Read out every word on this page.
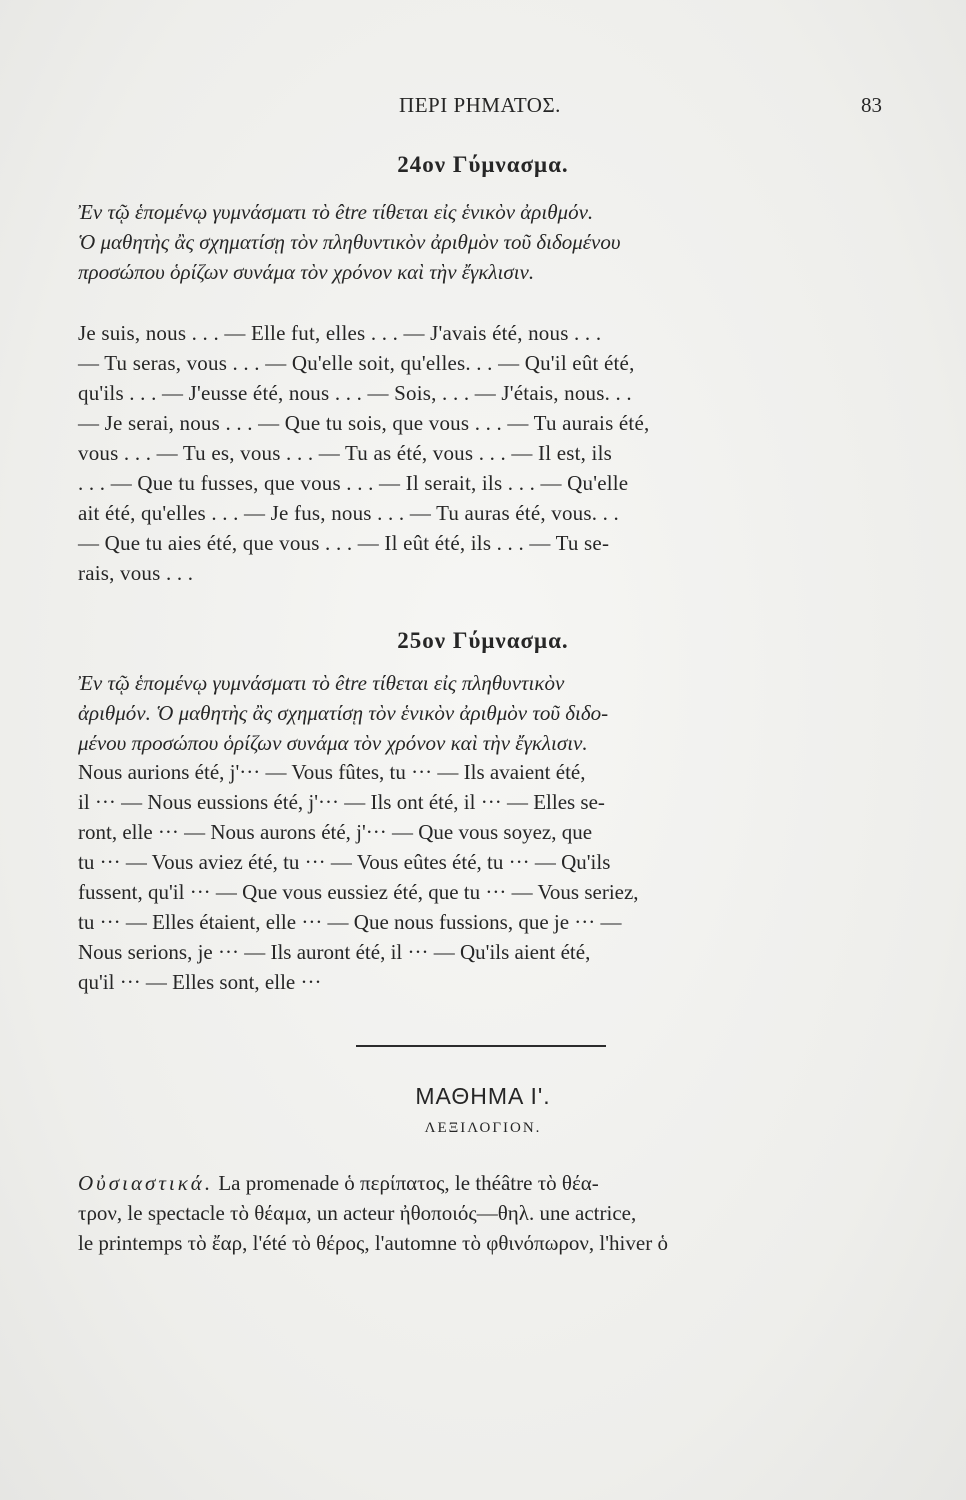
ΠΕΡΙ ΡΗΜΑΤΟΣ.	83
24ον Γύμνασμα.
Ἐν τῷ ἑπομένῳ γυμνάσματι τὸ être τίθεται εἰς ἑνικὸν ἀριθμόν.
Ὁ μαθητὴς ἂς σχηματίσῃ τὸν πληθυντικὸν ἀριθμὸν τοῦ διδομένου
προσώπου ὁρίζων συνάμα τὸν χρόνον καὶ τὴν ἔγκλισιν.
Je suis, nous . . . — Elle fut, elles . . . — J'avais été, nous . . .
— Tu seras, vous . . . — Qu'elle soit, qu'elles. . . — Qu'il eût été,
qu'ils . . . — J'eusse été, nous . . . — Sois, . . . — J'étais, nous. . .
— Je serai, nous . . . — Que tu sois, que vous . . . — Tu aurais été,
vous . . . — Tu es, vous . . . — Tu as été, vous . . . — Il est, ils
. . . — Que tu fusses, que vous . . . — Il serait, ils . . . — Qu'elle
ait été, qu'elles . . . — Je fus, nous . . . — Tu auras été, vous. . .
— Que tu aies été, que vous . . . — Il eût été, ils . . . — Tu se-
rais, vous . . .
25ον Γύμνασμα.
Ἐν τῷ ἑπομένῳ γυμνάσματι τὸ être τίθεται εἰς πληθυντικὸν
ἀριθμόν. Ὁ μαθητὴς ἂς σχηματίσῃ τὸν ἑνικὸν ἀριθμὸν τοῦ διδο-
μένου προσώπου ὁρίζων συνάμα τὸν χρόνον καὶ τὴν ἔγκλισιν.
Nous aurions été, j'··· — Vous fûtes, tu ··· — Ils avaient été,
il ··· — Nous eussions été, j'··· — Ils ont été, il ··· — Elles se-
ront, elle ··· — Nous aurons été, j'··· — Que vous soyez, que
tu ··· — Vous aviez été, tu ··· — Vous eûtes été, tu ··· — Qu'ils
fussent, qu'il ··· — Que vous eussiez été, que tu ··· — Vous seriez,
tu ··· — Elles étaient, elle ··· — Que nous fussions, que je ··· —
Nous serions, je ··· — Ils auront été, il ··· — Qu'ils aient été,
qu'il ··· — Elles sont, elle ···
ΜΑΘΗΜΑ Ι'.
ΛΕΞΙΛΟΓΙΟΝ.
Οὐσιαστικά. La promenade ὁ περίπατος, le théâtre τὸ θέα-
τρον, le spectacle τὸ θέαμα, un acteur ἠθοποιός—θηλ. une actrice,
le printemps τὸ ἔαρ, l'été τὸ θέρος, l'automne τὸ φθινόπωρον, l'hiver ὁ
